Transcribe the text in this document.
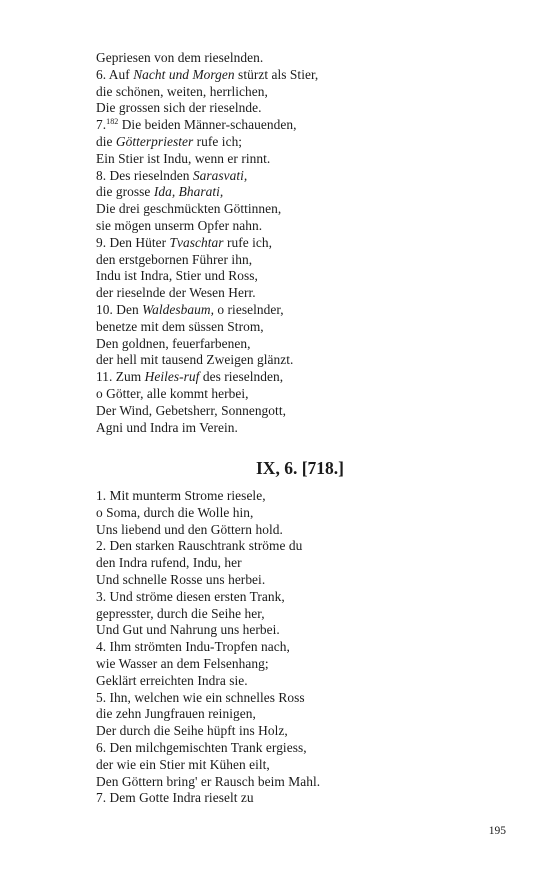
Gepriesen von dem rieselnden.
6. Auf Nacht und Morgen stürzt als Stier,
die schönen, weiten, herrlichen,
Die grossen sich der rieselnde.
7.$^{182}$ Die beiden Männer-schauenden,
die Götterpriester rufe ich;
Ein Stier ist Indu, wenn er rinnt.
8. Des rieselnden Sarasvati,
die grosse Ida, Bharati,
Die drei geschmückten Göttinnen,
sie mögen unserm Opfer nahn.
9. Den Hüter Tvaschtar rufe ich,
den erstgebornen Führer ihn,
Indu ist Indra, Stier und Ross,
der rieselnde der Wesen Herr.
10. Den Waldesbaum, o rieselnder,
benetze mit dem süssen Strom,
Den goldnen, feuerfarbenen,
der hell mit tausend Zweigen glänzt.
11. Zum Heiles-ruf des rieselnden,
o Götter, alle kommt herbei,
Der Wind, Gebetsherr, Sonnengott,
Agni und Indra im Verein.
IX, 6. [718.]
1. Mit munterm Strome riesele,
o Soma, durch die Wolle hin,
Uns liebend und den Göttern hold.
2. Den starken Rauschtrank ströme du
den Indra rufend, Indu, her
Und schnelle Rosse uns herbei.
3. Und ströme diesen ersten Trank,
gepresster, durch die Seihe her,
Und Gut und Nahrung uns herbei.
4. Ihm strömten Indu-Tropfen nach,
wie Wasser an dem Felsenhang;
Geklärt erreichten Indra sie.
5. Ihn, welchen wie ein schnelles Ross
die zehn Jungfrauen reinigen,
Der durch die Seihe hüpft ins Holz,
6. Den milchgemischten Trank ergiess,
der wie ein Stier mit Kühen eilt,
Den Göttern bring' er Rausch beim Mahl.
7. Dem Gotte Indra rieselt zu
195
